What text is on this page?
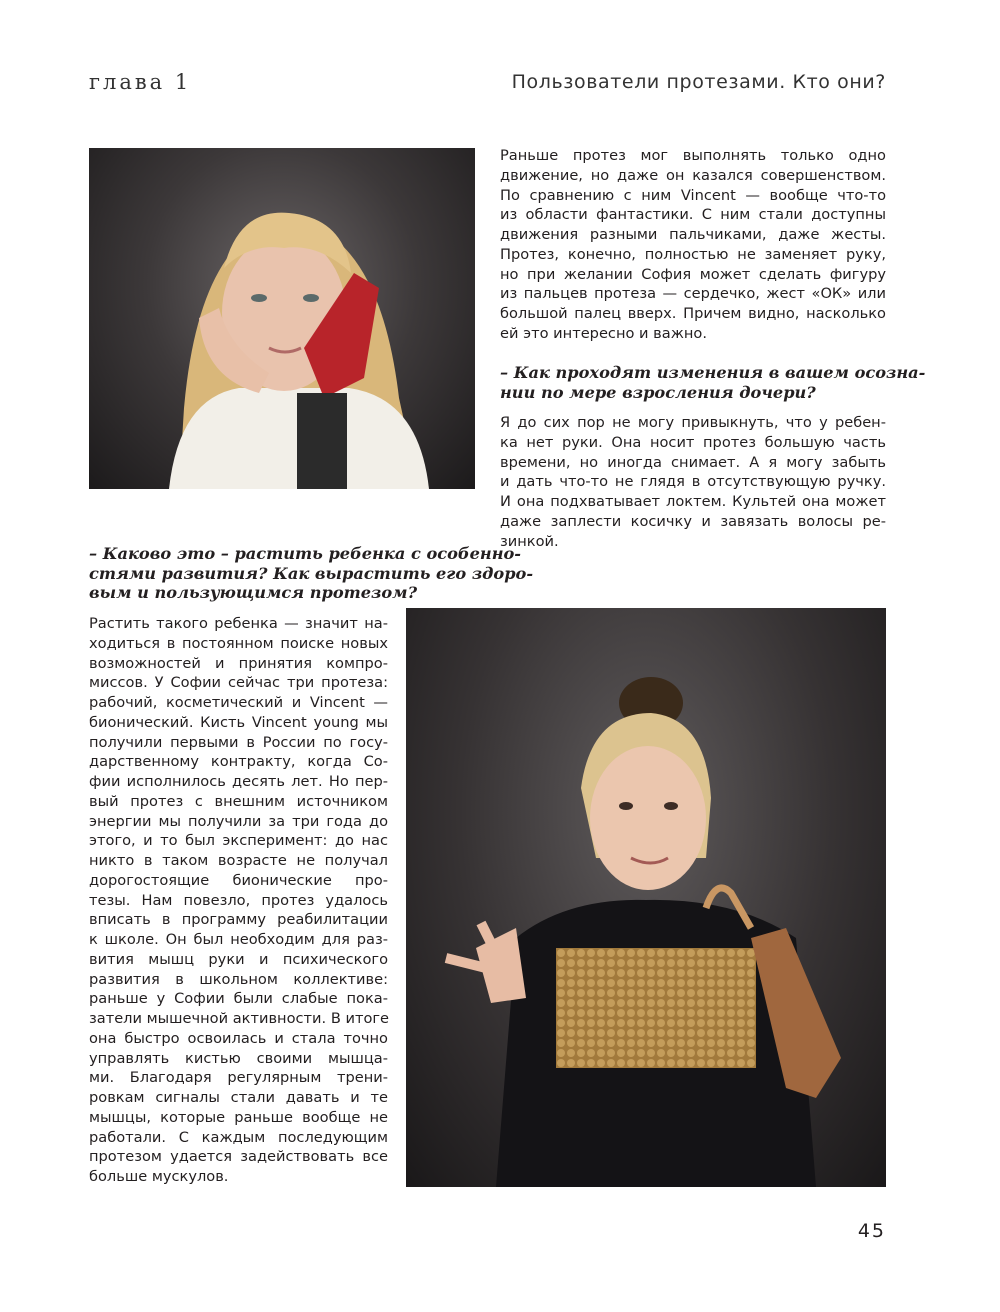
глава 1	Пользователи протезами. Кто они?
Раньше протез мог выполнять только одно
движение, но даже он казался совершенством.
По сравнению с ним Vincent — вообще что-то
из области фантастики. С ним стали доступны
движения разными пальчиками, даже жесты.
Протез, конечно, полностью не заменяет руку,
но при желании София может сделать фигуру
из пальцев протеза — сердечко, жест «ОК» или
большой палец вверх. Причем видно, насколько
ей это интересно и важно.
– Как проходят изменения в вашем осозна-
нии по мере взросления дочери?
Я до сих пор не могу привыкнуть, что у ребен-
ка нет руки. Она носит протез большую часть
времени, но иногда снимает. А я могу забыть
и дать что-то не глядя в отсутствующую ручку.
И она подхватывает локтем. Культей она может
даже заплести косичку и завязать волосы ре-
зинкой.
– Каково это – растить ребенка с особенно-
стями развития? Как вырастить его здоро-
вым и пользующимся протезом?
Растить такого ребенка — значит на-
ходиться в постоянном поиске новых
возможностей и принятия компро-
миссов. У Софии сейчас три протеза:
рабочий, косметический и Vincent —
бионический. Кисть Vincent young мы
получили первыми в России по госу-
дарственному контракту, когда Со-
фии исполнилось десять лет. Но пер-
вый протез с внешним источником
энергии мы получили за три года до
этого, и то был эксперимент: до нас
никто в таком возрасте не получал
дорогостоящие бионические про-
тезы. Нам повезло, протез удалось
вписать в программу реабилитации
к школе. Он был необходим для раз-
вития мышц руки и психического
развития в школьном коллективе:
раньше у Софии были слабые пока-
затели мышечной активности. В итоге
она быстро освоилась и стала точно
управлять кистью своими мышца-
ми. Благодаря регулярным трени-
ровкам сигналы стали давать и те
мышцы, которые раньше вообще не
работали. С каждым последующим
протезом удается задействовать все
больше мускулов.
45
